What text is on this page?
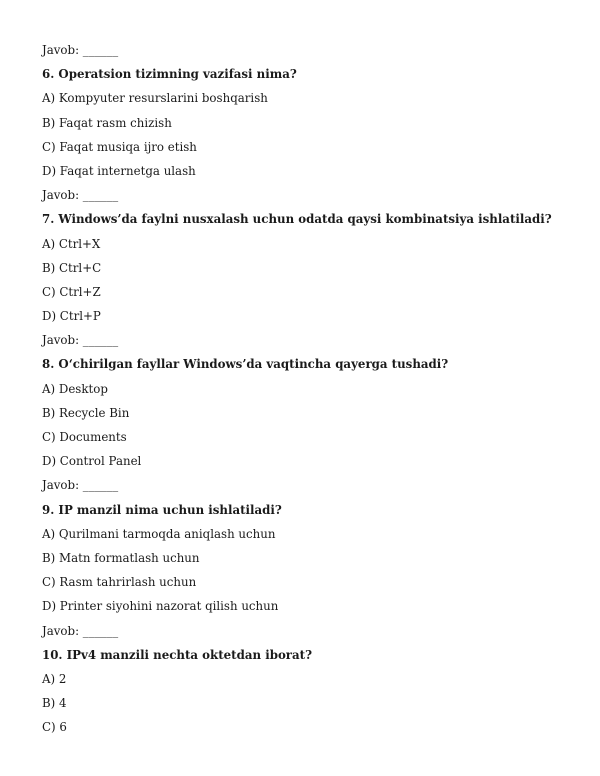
Javob: ______
6. Operatsion tizimning vazifasi nima?
A) Kompyuter resurslarini boshqarish
B) Faqat rasm chizish
C) Faqat musiqa ijro etish
D) Faqat internetga ulash
Javob: ______
7. Windows’da faylni nusxalash uchun odatda qaysi kombinatsiya ishlatiladi?
A) Ctrl+X
B) Ctrl+C
C) Ctrl+Z
D) Ctrl+P
Javob: ______
8. O‘chirilgan fayllar Windows’da vaqtincha qayerga tushadi?
A) Desktop
B) Recycle Bin
C) Documents
D) Control Panel
Javob: ______
9. IP manzil nima uchun ishlatiladi?
A) Qurilmani tarmoqda aniqlash uchun
B) Matn formatlash uchun
C) Rasm tahrirlash uchun
D) Printer siyohini nazorat qilish uchun
Javob: ______
10. IPv4 manzili nechta oktetdan iborat?
A) 2
B) 4
C) 6
